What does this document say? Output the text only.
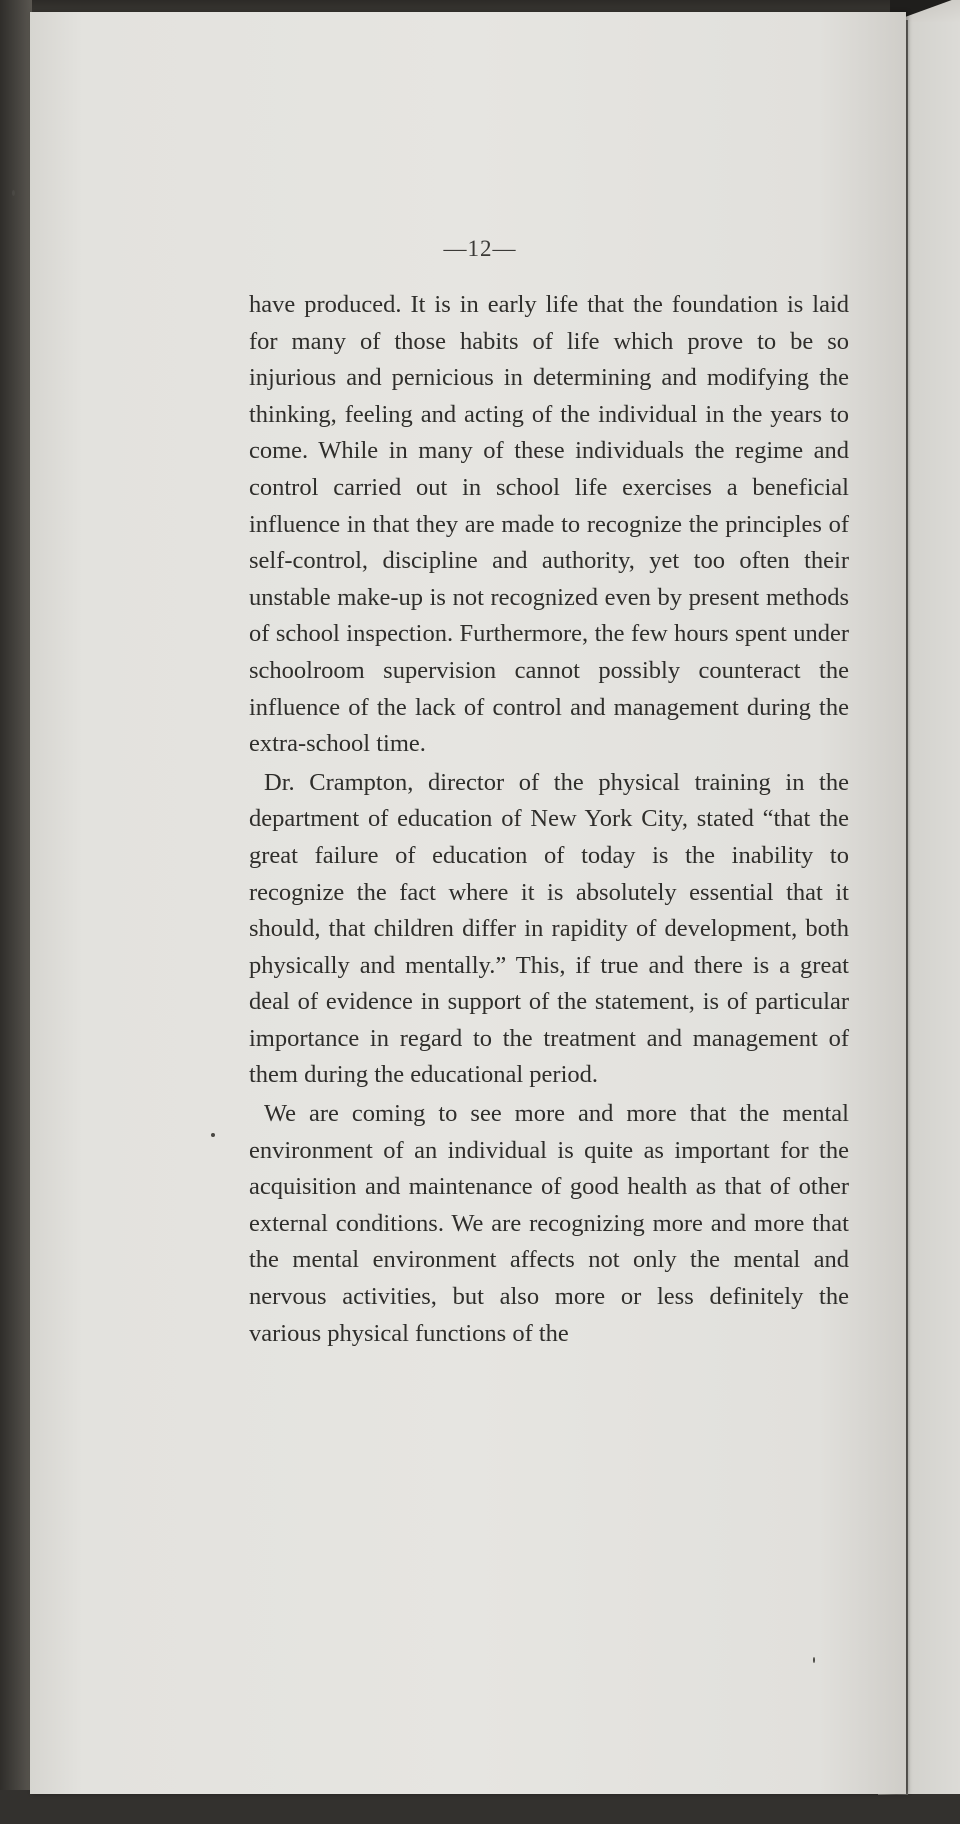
—12—

have produced. It is in early life that the foundation is laid for many of those habits of life which prove to be so injurious and pernicious in determining and modifying the thinking, feeling and acting of the individual in the years to come. While in many of these individuals the regime and control carried out in school life exercises a beneficial influence in that they are made to recognize the principles of self-control, discipline and authority, yet too often their unstable make-up is not recognized even by present methods of school inspection. Furthermore, the few hours spent under schoolroom supervision cannot possibly counteract the influence of the lack of control and management during the extra-school time.

Dr. Crampton, director of the physical training in the department of education of New York City, stated “that the great failure of education of today is the inability to recognize the fact where it is absolutely essential that it should, that children differ in rapidity of development, both physically and mentally.” This, if true and there is a great deal of evidence in support of the statement, is of particular importance in regard to the treatment and management of them during the educational period.

We are coming to see more and more that the mental environment of an individual is quite as important for the acquisition and maintenance of good health as that of other external conditions. We are recognizing more and more that the mental environment affects not only the mental and nervous activities, but also more or less definitely the various physical functions of the
